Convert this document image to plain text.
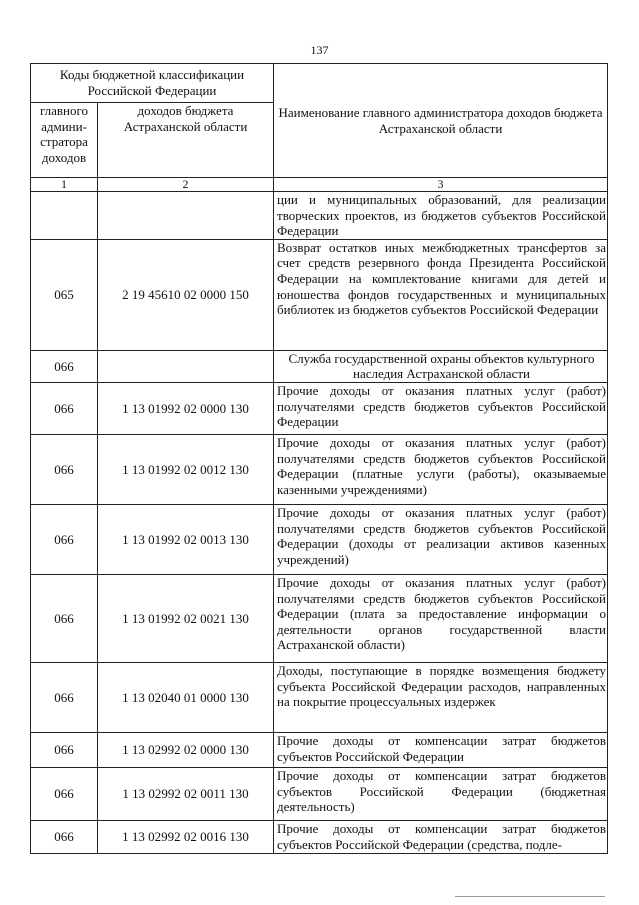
137
Коды бюджетной классификации Российской Федерации		Наименование главного администратора доходов бюджета Астраханской области
главного админи-стратора доходов	доходов бюджета Астраханской области	
1	2	3
		ции и муниципальных образований, для реализации творческих проектов, из бюджетов субъектов Российской Федерации
065	2 19 45610 02 0000 150	Возврат остатков иных межбюджетных трансфертов за счет средств резервного фонда Президента Российской Федерации на комплектование книгами для детей и юношества фондов государственных и муниципальных библиотек из бюджетов субъектов Российской Федерации
066		Служба государственной охраны объектов культурного наследия Астраханской области
066	1 13 01992 02 0000 130	Прочие доходы от оказания платных услуг (работ) получателями средств бюджетов субъектов Российской Федерации
066	1 13 01992 02 0012 130	Прочие доходы от оказания платных услуг (работ) получателями средств бюджетов субъектов Российской Федерации (платные услуги (работы), оказываемые казенными учреждениями)
066	1 13 01992 02 0013 130	Прочие доходы от оказания платных услуг (работ) получателями средств бюджетов субъектов Российской Федерации (доходы от реализации активов казенных учреждений)
066	1 13 01992 02 0021 130	Прочие доходы от оказания платных услуг (работ) получателями средств бюджетов субъектов Российской Федерации (плата за предоставление информации о деятельности органов государственной власти Астраханской области)
066	1 13 02040 01 0000 130	Доходы, поступающие в порядке возмещения бюджету субъекта Российской Федерации расходов, направленных на покрытие процессуальных издержек
066	1 13 02992 02 0000 130	Прочие доходы от компенсации затрат бюджетов субъектов Российской Федерации
066	1 13 02992 02 0011 130	Прочие доходы от компенсации затрат бюджетов субъектов Российской Федерации (бюджетная деятельность)
066	1 13 02992 02 0016 130	Прочие доходы от компенсации затрат бюджетов субъектов Российской Федерации (средства, подле-
